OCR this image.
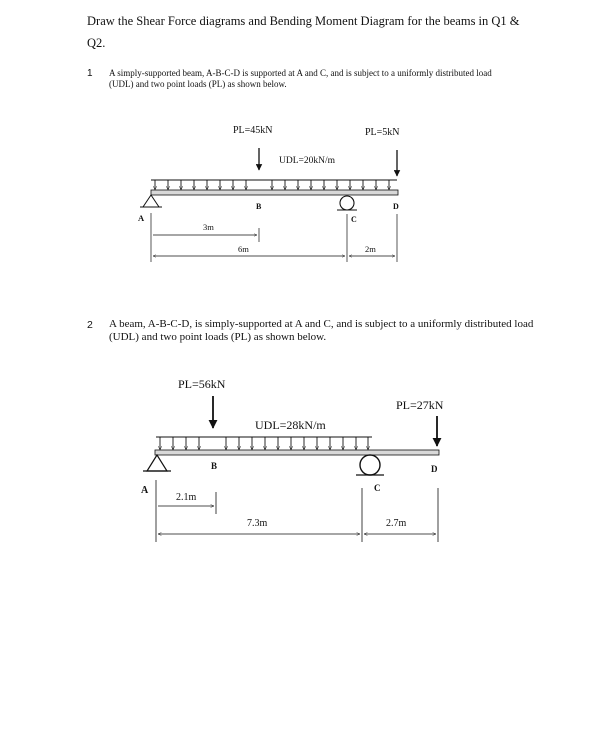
Draw the Shear Force diagrams and Bending Moment Diagram for the beams in Q1 & Q2.
1 A simply-supported beam, A-B-C-D is supported at A and C, and is subject to a uniformly distributed load (UDL) and two point loads (PL) as shown below.
2 A beam, A-B-C-D, is simply-supported at A and C, and is subject to a uniformly distributed load (UDL) and two point loads (PL) as shown below.
PL=45kN	PL=5kN
UDL=20kN/m
A
B
C
D
3m
6m	2m
PL=56kN
PL=27kN
UDL=28kN/m
A
B
C
D
2.1m
7.3m	2.7m
